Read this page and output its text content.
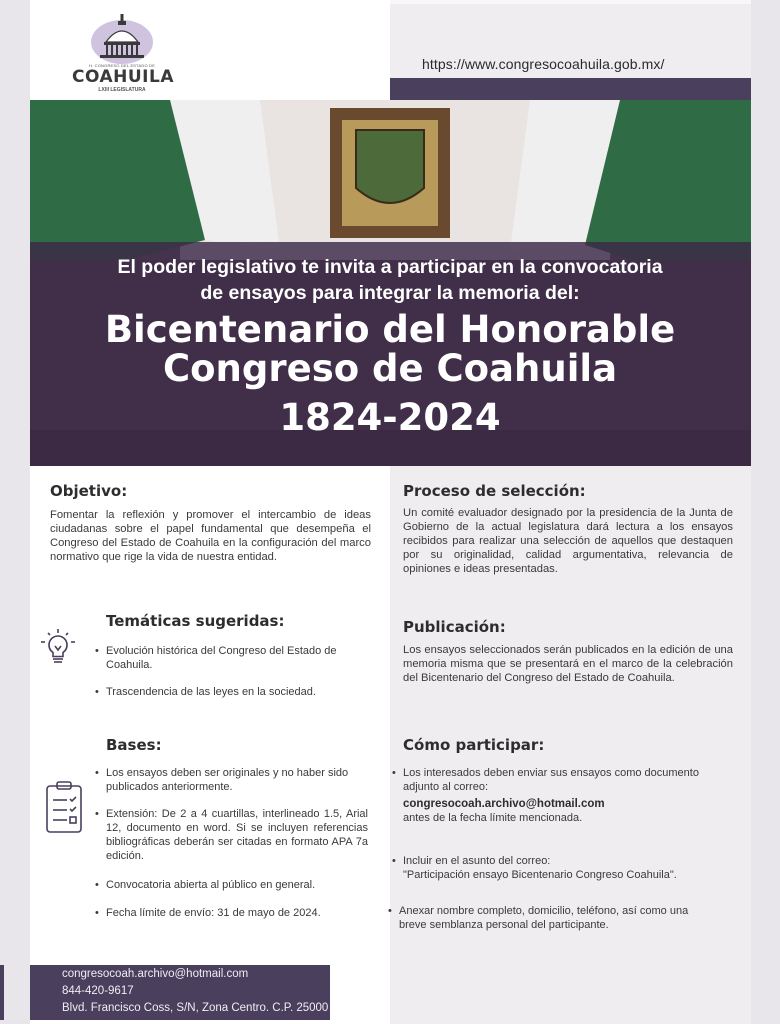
H. CONGRESO DEL ESTADO DE
COAHUILA
LXIII LEGISLATURA
https://www.congresocoahuila.gob.mx/
El poder legislativo te invita a participar en la convocatoria
de ensayos para integrar la memoria del:
Bicentenario del Honorable
Congreso de Coahuila
1824-2024
Objetivo:
Fomentar la reflexión y promover el intercambio de ideas ciudadanas sobre el papel fundamental que desempeña el Congreso del Estado de Coahuila en la configuración del marco normativo que rige la vida de nuestra entidad.
Temáticas sugeridas:
• Evolución histórica del Congreso del Estado de Coahuila.
• Trascendencia de las leyes en la sociedad.
Bases:
• Los ensayos deben ser originales y no haber sido publicados anteriormente.
• Extensión: De 2 a 4 cuartillas, interlineado 1.5, Arial 12, documento en word. Si se incluyen referencias bibliográficas deberán ser citadas en formato APA 7a edición.
• Convocatoria abierta al público en general.
• Fecha límite de envío: 31 de mayo de 2024.
Proceso de selección:
Un comité evaluador designado por la presidencia de la Junta de Gobierno de la actual legislatura dará lectura a los ensayos recibidos para realizar una selección de aquellos que destaquen por su originalidad, calidad argumentativa, relevancia de opiniones e ideas presentadas.
Publicación:
Los ensayos seleccionados serán publicados en la edición de una memoria misma que se presentará en el marco de la celebración del Bicentenario del Congreso del Estado de Coahuila.
Cómo participar:
• Los interesados deben enviar sus ensayos como documento adjunto al correo:
congresocoah.archivo@hotmail.com
antes de la fecha límite mencionada.
• Incluir en el asunto del correo:
"Participación ensayo Bicentenario Congreso Coahuila".
• Anexar nombre completo, domicilio, teléfono, así como una breve semblanza personal del participante.
congresocoah.archivo@hotmail.com
844-420-9617
Blvd. Francisco Coss, S/N, Zona Centro. C.P. 25000
